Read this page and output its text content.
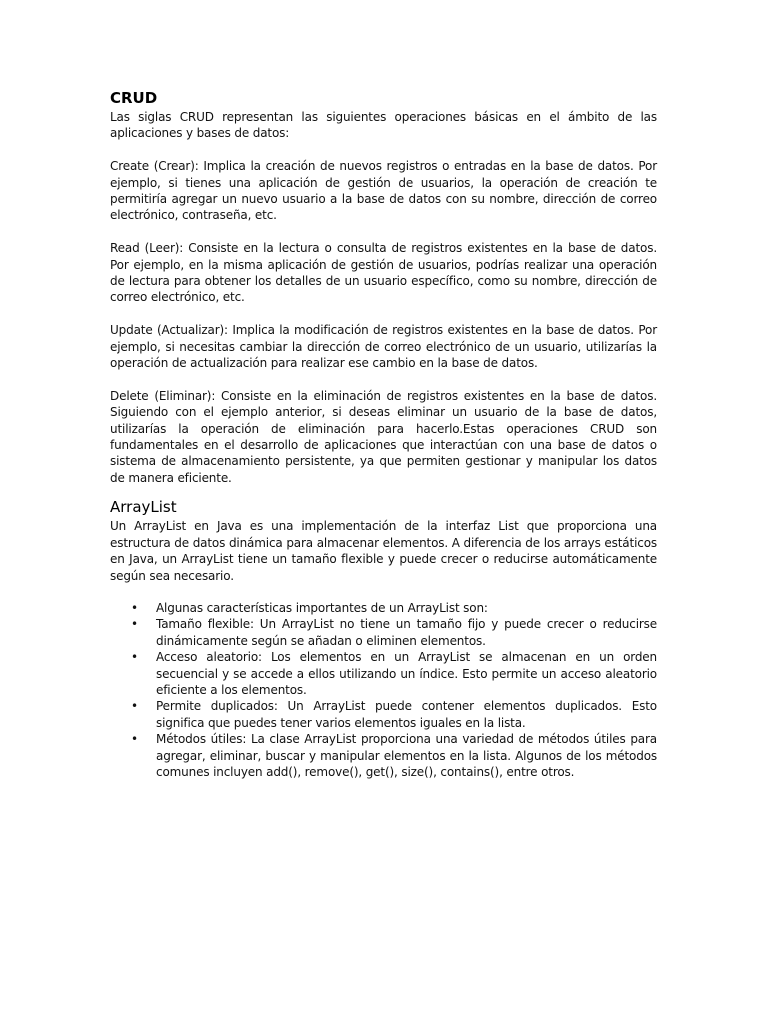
CRUD

Las siglas CRUD representan las siguientes operaciones básicas en el ámbito de las aplicaciones y bases de datos:

Create (Crear): Implica la creación de nuevos registros o entradas en la base de datos. Por ejemplo, si tienes una aplicación de gestión de usuarios, la operación de creación te permitiría agregar un nuevo usuario a la base de datos con su nombre, dirección de correo electrónico, contraseña, etc.

Read (Leer): Consiste en la lectura o consulta de registros existentes en la base de datos. Por ejemplo, en la misma aplicación de gestión de usuarios, podrías realizar una operación de lectura para obtener los detalles de un usuario específico, como su nombre, dirección de correo electrónico, etc.

Update (Actualizar): Implica la modificación de registros existentes en la base de datos. Por ejemplo, si necesitas cambiar la dirección de correo electrónico de un usuario, utilizarías la operación de actualización para realizar ese cambio en la base de datos.

Delete (Eliminar): Consiste en la eliminación de registros existentes en la base de datos. Siguiendo con el ejemplo anterior, si deseas eliminar un usuario de la base de datos, utilizarías la operación de eliminación para hacerlo.Estas operaciones CRUD son fundamentales en el desarrollo de aplicaciones que interactúan con una base de datos o sistema de almacenamiento persistente, ya que permiten gestionar y manipular los datos de manera eficiente.

ArrayList

Un ArrayList en Java es una implementación de la interfaz List que proporciona una estructura de datos dinámica para almacenar elementos. A diferencia de los arrays estáticos en Java, un ArrayList tiene un tamaño flexible y puede crecer o reducirse automáticamente según sea necesario.

• Algunas características importantes de un ArrayList son:
• Tamaño flexible: Un ArrayList no tiene un tamaño fijo y puede crecer o reducirse dinámicamente según se añadan o eliminen elementos.
• Acceso aleatorio: Los elementos en un ArrayList se almacenan en un orden secuencial y se accede a ellos utilizando un índice. Esto permite un acceso aleatorio eficiente a los elementos.
• Permite duplicados: Un ArrayList puede contener elementos duplicados. Esto significa que puedes tener varios elementos iguales en la lista.
• Métodos útiles: La clase ArrayList proporciona una variedad de métodos útiles para agregar, eliminar, buscar y manipular elementos en la lista. Algunos de los métodos comunes incluyen add(), remove(), get(), size(), contains(), entre otros.
